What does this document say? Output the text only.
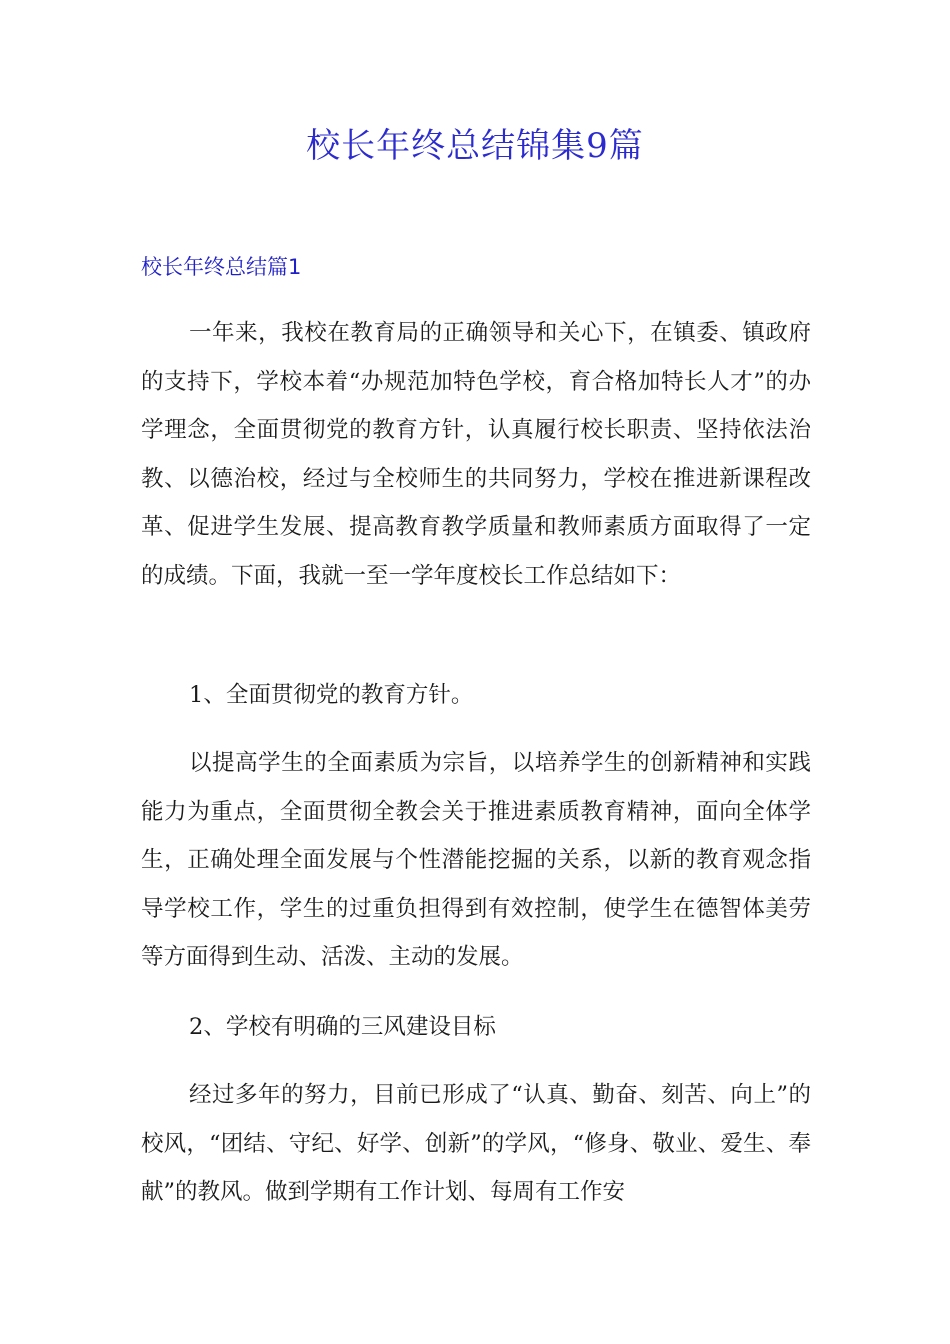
校长年终总结锦集9篇
校长年终总结篇1

一年来，我校在教育局的正确领导和关心下，在镇委、镇政府的支持下，学校本着“办规范加特色学校，育合格加特长人才”的办学理念，全面贯彻党的教育方针，认真履行校长职责、坚持依法治教、以德治校，经过与全校师生的共同努力，学校在推进新课程改革、促进学生发展、提高教育教学质量和教师素质方面取得了一定的成绩。下面，我就一至一学年度校长工作总结如下：

1、全面贯彻党的教育方针。

以提高学生的全面素质为宗旨，以培养学生的创新精神和实践能力为重点，全面贯彻全教会关于推进素质教育精神，面向全体学生，正确处理全面发展与个性潜能挖掘的关系，以新的教育观念指导学校工作，学生的过重负担得到有效控制，使学生在德智体美劳等方面得到生动、活泼、主动的发展。

2、学校有明确的三风建设目标

经过多年的努力，目前已形成了“认真、勤奋、刻苦、向上”的校风，“团结、守纪、好学、创新”的学风，“修身、敬业、爱生、奉献”的教风。做到学期有工作计划、每周有工作安
